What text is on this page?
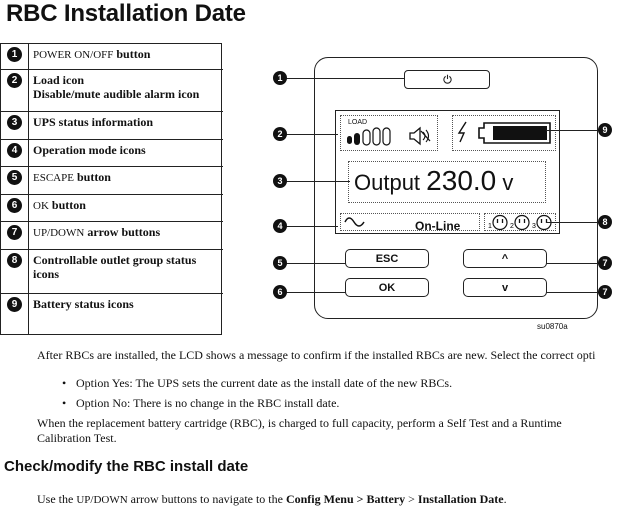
RBC Installation Date
1	POWER ON/OFF button
2	Load icon
Disable/mute audible alarm icon
3	UPS status information
4	Operation mode icons
5	ESCAPE button
6	OK button
7	UP/DOWN arrow buttons
8	Controllable outlet group status
icons
9	Battery status icons
LOAD
Output 230.0 v
On-Line	1	2	3
ESC
OK
^
v
1
2
3
4
5
6
9
8
7
7
su0870a
After RBCs are installed, the LCD shows a message to confirm if the installed RBCs are new. Select the correct opti
• Option Yes: The UPS sets the current date as the install date of the new RBCs.
• Option No: There is no change in the RBC install date.
When the replacement battery cartridge (RBC), is charged to full capacity, perform a Self Test and a Runtime
Calibration Test.
Check/modify the RBC install date
Use the UP/DOWN arrow buttons to navigate to the Config Menu > Battery > Installation Date.
